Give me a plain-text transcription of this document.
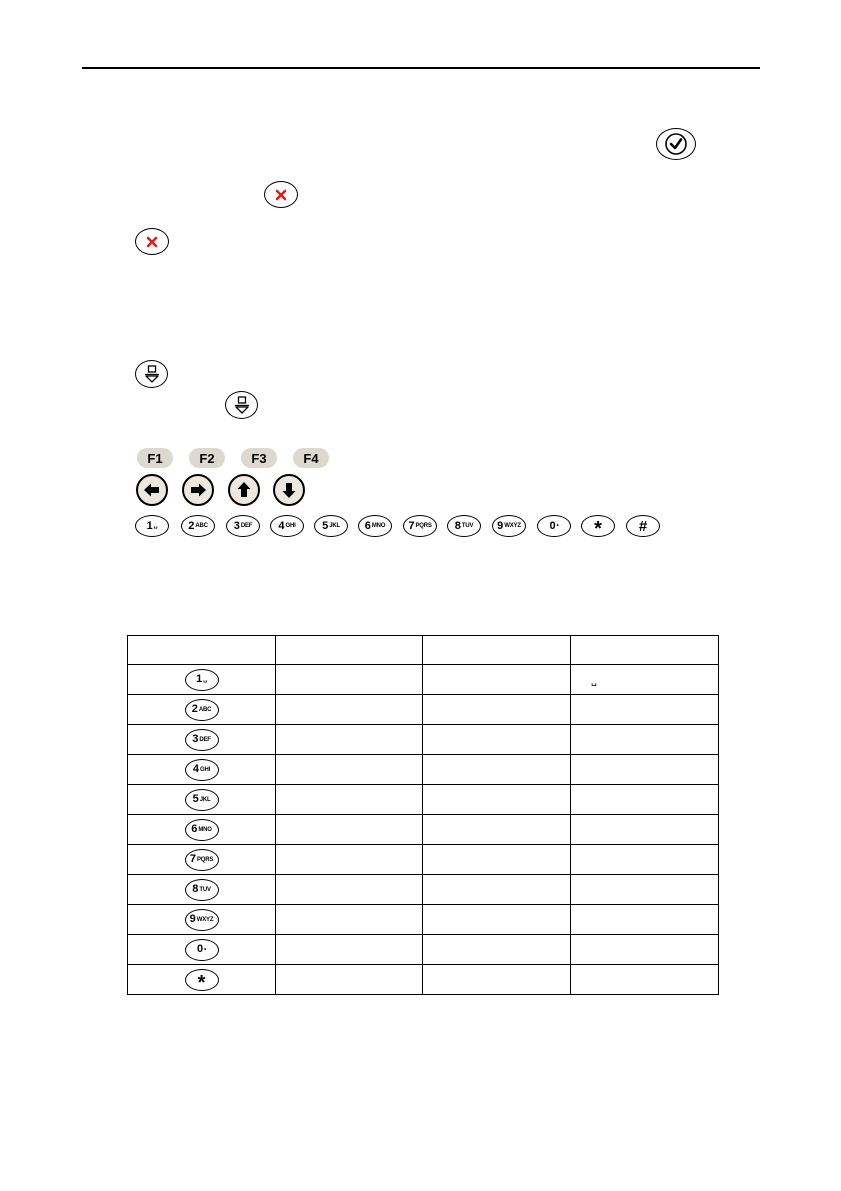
F1	F2	F3	F4
1 ␣	2 ABC 3 DEF 4 GHI 5 JKL 6 MNO 7 PQRS 8 TUV 9 WXYZ	0 • * #

1 ␣			␣

2 ABC			

3 DEF			

4 GHI			

5 JKL			

6 MNO			

7 PQRS			

8 TUV			

9 WXYZ			

0 •			

*			
